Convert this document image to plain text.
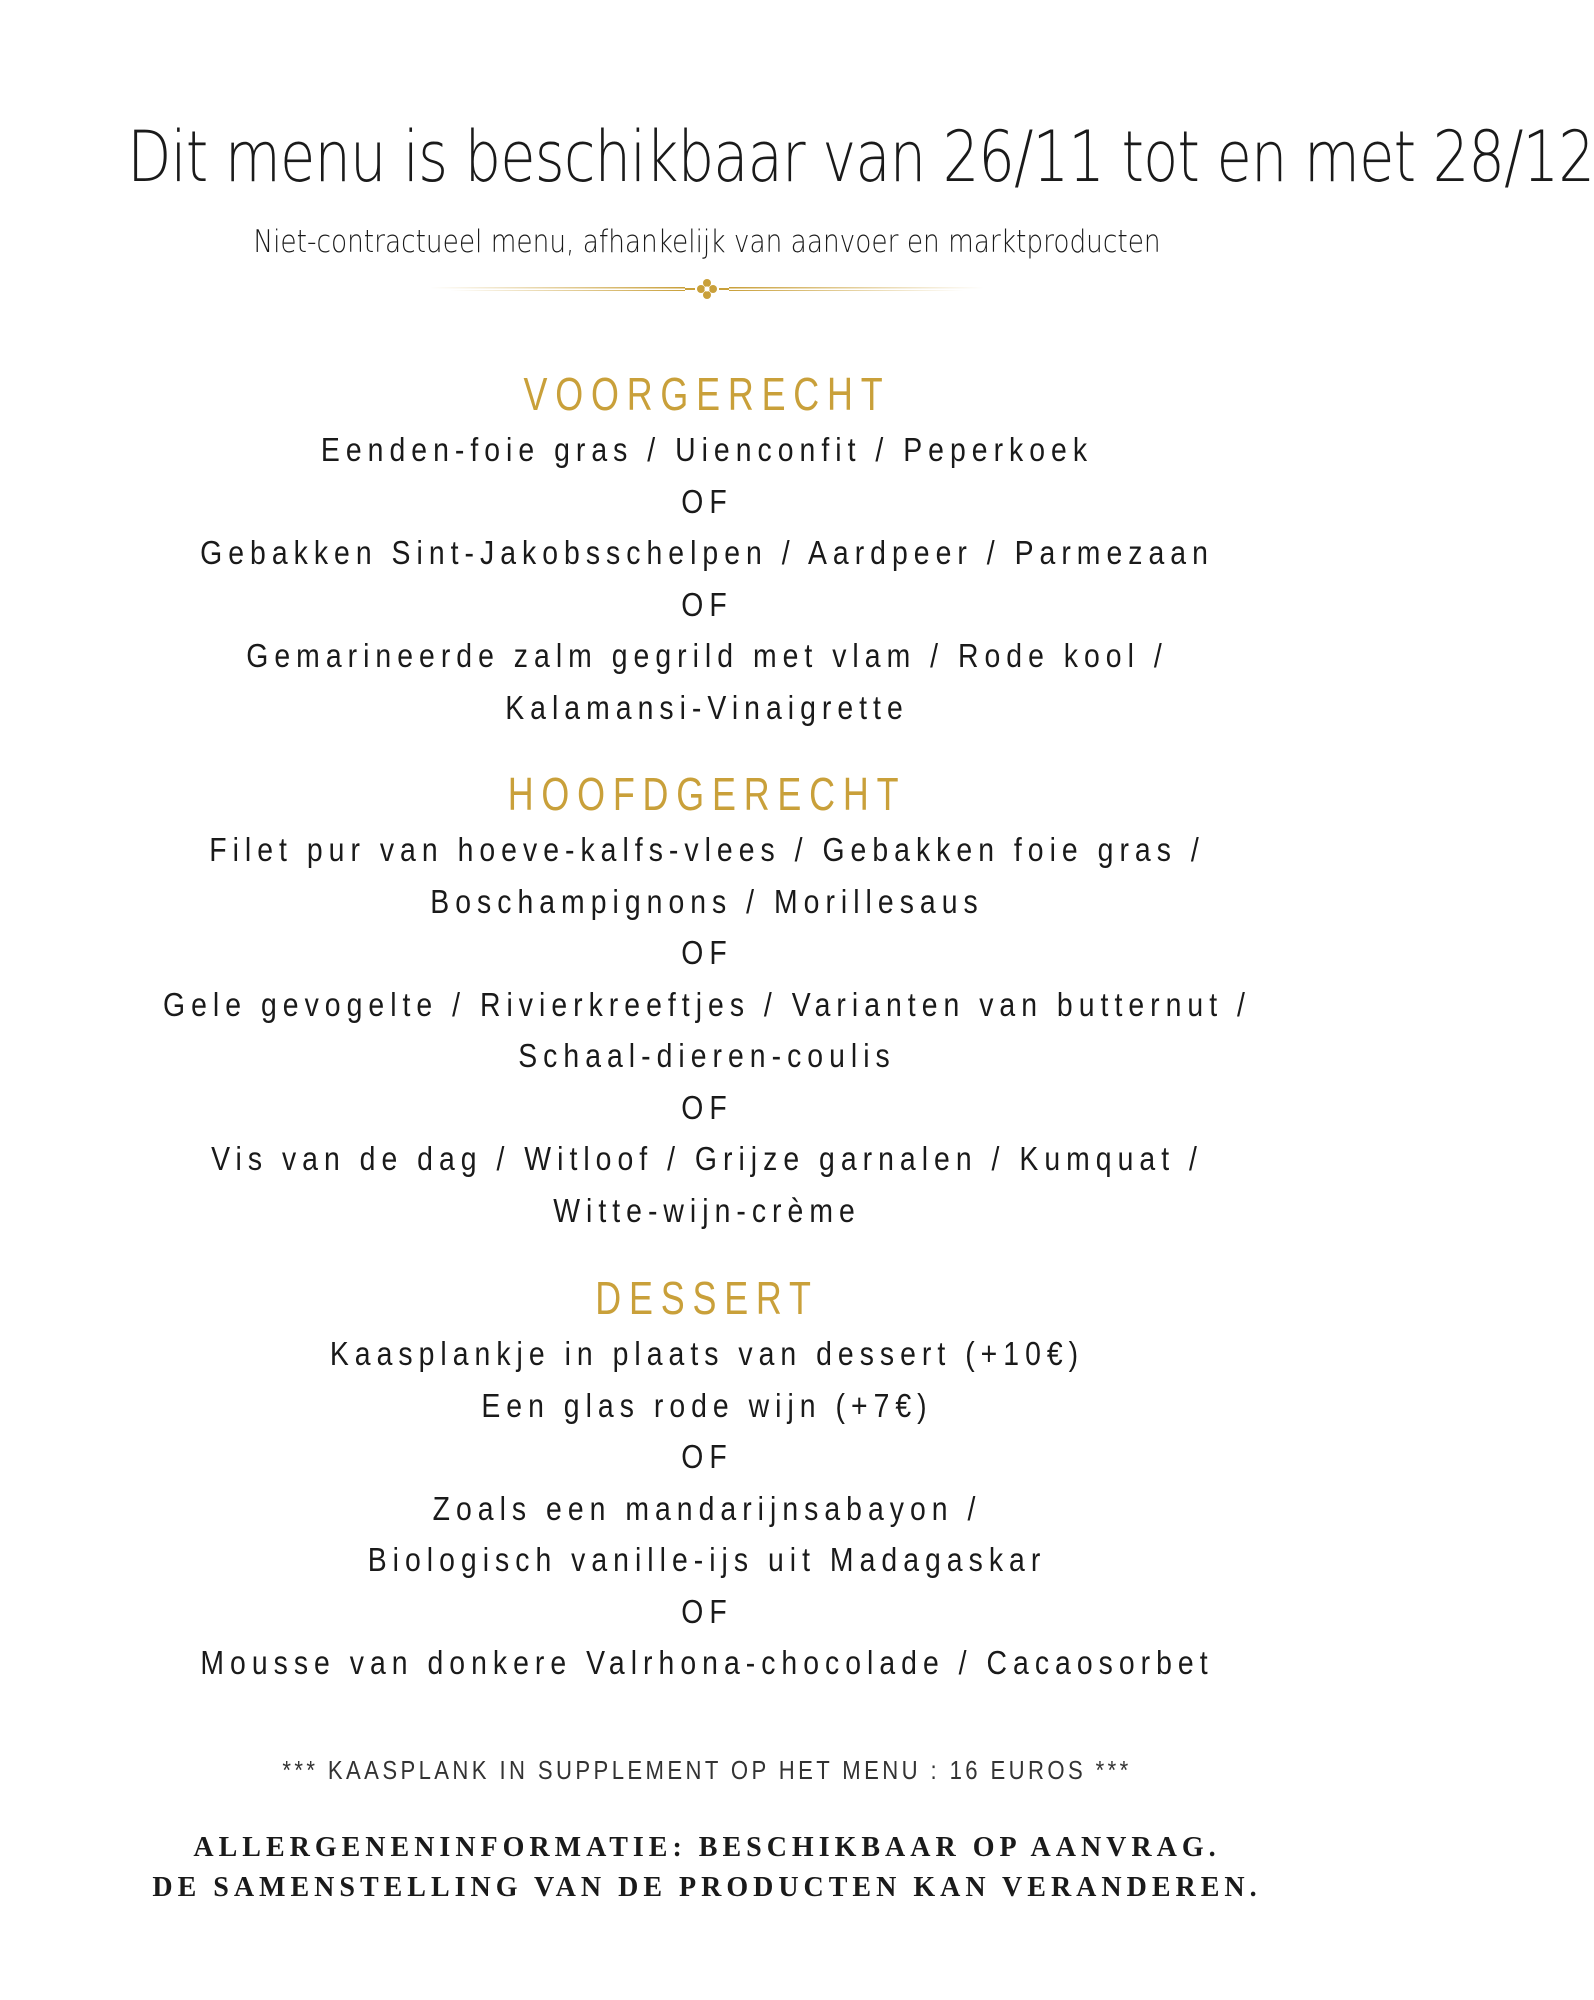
Dit menu is beschikbaar van 26/11 tot en met 28/12
Niet-contractueel menu, afhankelijk van aanvoer en marktproducten
VOORGERECHT
Eenden-foie gras / Uienconfit / Peperkoek
OF
Gebakken Sint-Jakobsschelpen / Aardpeer / Parmezaan
OF
Gemarineerde zalm gegrild met vlam / Rode kool /
Kalamansi-Vinaigrette
HOOFDGERECHT
Filet pur van hoeve-kalfs-vlees / Gebakken foie gras /
Boschampignons / Morillesaus
OF
Gele gevogelte / Rivierkreeftjes / Varianten van butternut /
Schaal-dieren-coulis
OF
Vis van de dag / Witloof / Grijze garnalen / Kumquat /
Witte-wijn-crème
DESSERT
Kaasplankje in plaats van dessert (+10€)
Een glas rode wijn (+7€)
OF
Zoals een mandarijnsabayon /
Biologisch vanille-ijs uit Madagaskar
OF
Mousse van donkere Valrhona-chocolade / Cacaosorbet
*** KAASPLANK IN SUPPLEMENT OP HET MENU : 16 EUROS ***
ALLERGENENINFORMATIE: BESCHIKBAAR OP AANVRAG.
DE SAMENSTELLING VAN DE PRODUCTEN KAN VERANDEREN.
